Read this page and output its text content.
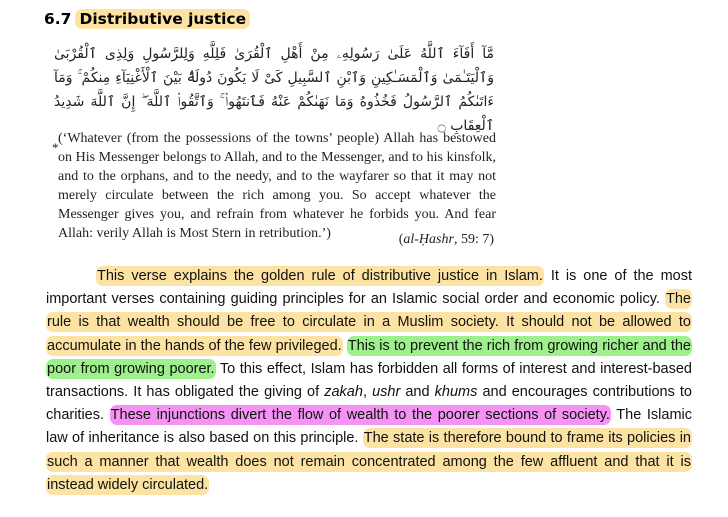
6.7 Distributive justice
مَّآ أَفَآءَ ٱللَّهُ عَلَىٰ رَسُولِهِۦ مِنْ أَهْلِ ٱلْقُرَىٰ فَلِلَّهِ وَلِلرَّسُولِ وَلِذِى ٱلْقُرْبَىٰ وَٱلْيَتَـٰمَىٰ وَٱلْمَسَـٰكِينِ وَٱبْنِ ٱلسَّبِيلِ كَىْ لَا يَكُونَ دُولَةًۢ بَيْنَ ٱلْأَغْنِيَآءِ مِنكُمْ ۚ وَمَآ ءَاتَىٰكُمُ ٱلرَّسُولُ فَخُذُوهُ وَمَا نَهَىٰكُمْ عَنْهُ فَٱنتَهُوا۟ ۚ وَٱتَّقُوا۟ ٱللَّهَ ۖ إِنَّ ٱللَّهَ شَدِيدُ ٱلْعِقَابِ ۝
*
(‘Whatever (from the possessions of the towns’ people) Allah has bestowed on His Messenger belongs to Allah, and to the Messenger, and to his kinsfolk, and to the orphans, and to the needy, and to the wayfarer so that it may not merely circulate between the rich among you. So accept whatever the Messenger gives you, and refrain from whatever he forbids you. And fear Allah: verily Allah is Most Stern in retribution.’)	(al-Ḥashr, 59: 7)
This verse explains the golden rule of distributive justice in Islam. It is one of the most important verses containing guiding principles for an Islamic social order and economic policy. The rule is that wealth should be free to circulate in a Muslim society. It should not be allowed to accumulate in the hands of the few privileged. This is to prevent the rich from growing richer and the poor from growing poorer. To this effect, Islam has forbidden all forms of interest and interest-based transactions. It has obligated the giving of zakah, ushr and khums and encourages contributions to charities. These injunctions divert the flow of wealth to the poorer sections of society. The Islamic law of inheritance is also based on this principle. The state is therefore bound to frame its policies in such a manner that wealth does not remain concentrated among the few affluent and that it is instead widely circulated.
